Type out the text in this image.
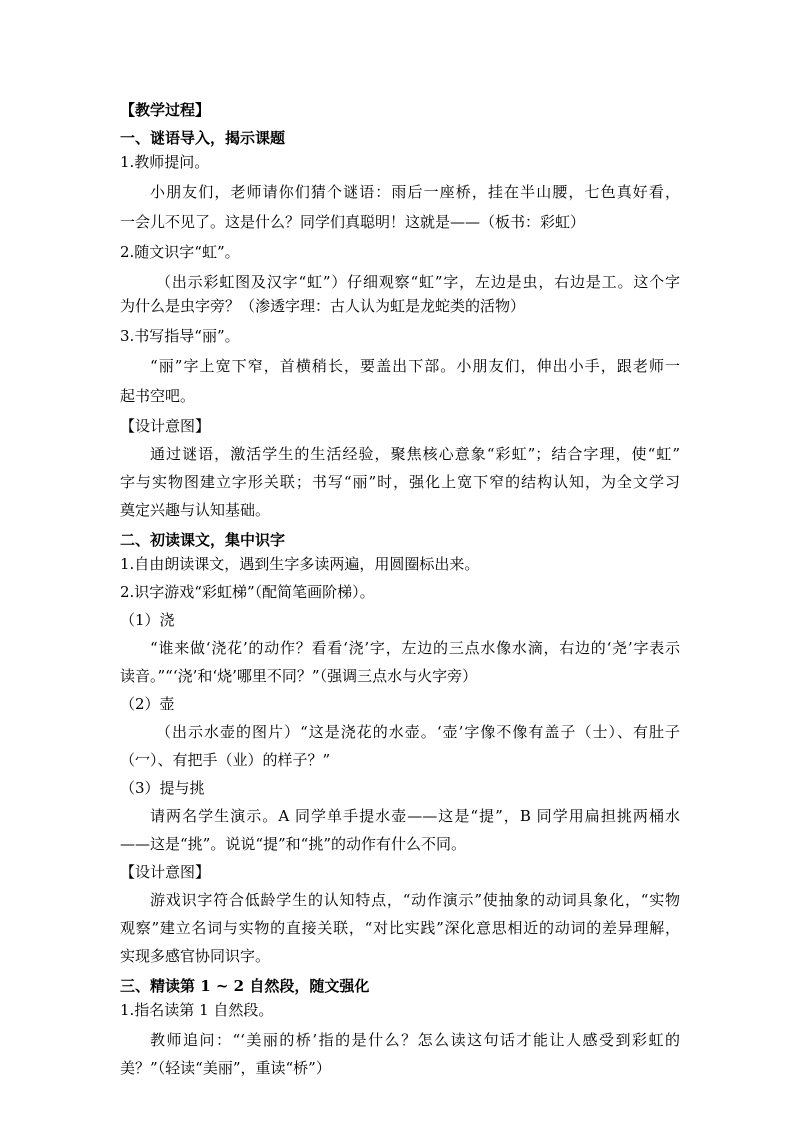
【教学过程】
一、谜语导入，揭示课题
1.教师提问。
小朋友们，老师请你们猜个谜语：雨后一座桥，挂在半山腰，七色真好看，
一会儿不见了。这是什么？同学们真聪明！这就是——（板书：彩虹）
2.随文识字“虹”。
（出示彩虹图及汉字“虹”）仔细观察“虹”字，左边是虫，右边是工。这个字
为什么是虫字旁？（渗透字理：古人认为虹是龙蛇类的活物）
3.书写指导“丽”。
“丽”字上宽下窄，首横稍长，要盖出下部。小朋友们，伸出小手，跟老师一
起书空吧。
【设计意图】
通过谜语，激活学生的生活经验，聚焦核心意象“彩虹”；结合字理，使“虹”
字与实物图建立字形关联；书写“丽”时，强化上宽下窄的结构认知，为全文学习
奠定兴趣与认知基础。
二、初读课文，集中识字
1.自由朗读课文，遇到生字多读两遍，用圆圈标出来。
2.识字游戏“彩虹梯”（配简笔画阶梯）。
（1）浇
“谁来做‘浇花’的动作？看看‘浇’字，左边的三点水像水滴，右边的‘尧’字表示
读音。”“‘浇’和‘烧’哪里不同？”（强调三点水与火字旁）
（2）壶
（出示水壶的图片）“这是浇花的水壶。‘壶’字像不像有盖子（士）、有肚子
（冖）、有把手（业）的样子？”
（3）提与挑
请两名学生演示。A 同学单手提水壶——这是“提”，B 同学用扁担挑两桶水
——这是“挑”。说说“提”和“挑”的动作有什么不同。
【设计意图】
游戏识字符合低龄学生的认知特点，“动作演示”使抽象的动词具象化，“实物
观察”建立名词与实物的直接关联，“对比实践”深化意思相近的动词的差异理解，
实现多感官协同识字。
三、精读第 1 ~ 2 自然段，随文强化
1.指名读第 1 自然段。
教师追问：“‘美丽的桥’指的是什么？怎么读这句话才能让人感受到彩虹的
美？”（轻读“美丽”，重读“桥”）
